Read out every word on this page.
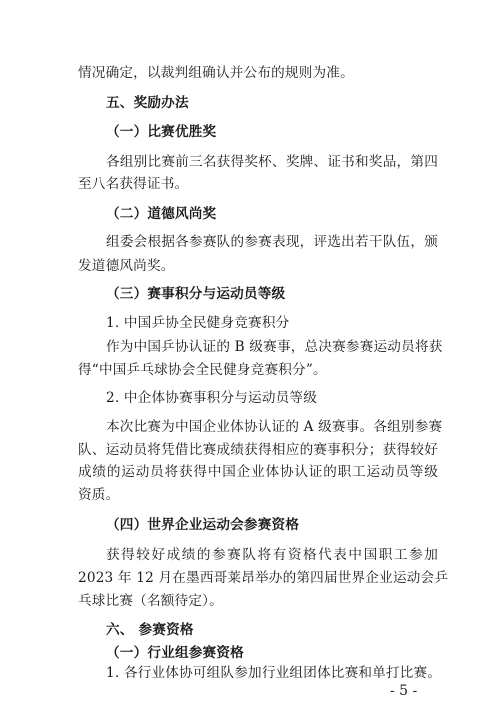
情况确定，以裁判组确认并公布的规则为准。
五、奖励办法
（一）比赛优胜奖
各组别比赛前三名获得奖杯、奖牌、证书和奖品，第四
至八名获得证书。
（二）道德风尚奖
组委会根据各参赛队的参赛表现，评选出若干队伍，颁
发道德风尚奖。
（三）赛事积分与运动员等级
1. 中国乒协全民健身竞赛积分
作为中国乒协认证的 B 级赛事，总决赛参赛运动员将获
得“中国乒乓球协会全民健身竞赛积分”。
2. 中企体协赛事积分与运动员等级
本次比赛为中国企业体协认证的 A 级赛事。各组别参赛
队、运动员将凭借比赛成绩获得相应的赛事积分；获得较好
成绩的运动员将获得中国企业体协认证的职工运动员等级
资质。
（四）世界企业运动会参赛资格
获得较好成绩的参赛队将有资格代表中国职工参加
2023 年 12 月在墨西哥莱昂举办的第四届世界企业运动会乒
乓球比赛（名额待定）。
六、 参赛资格
（一）行业组参赛资格
1. 各行业体协可组队参加行业组团体比赛和单打比赛。
- 5 -
